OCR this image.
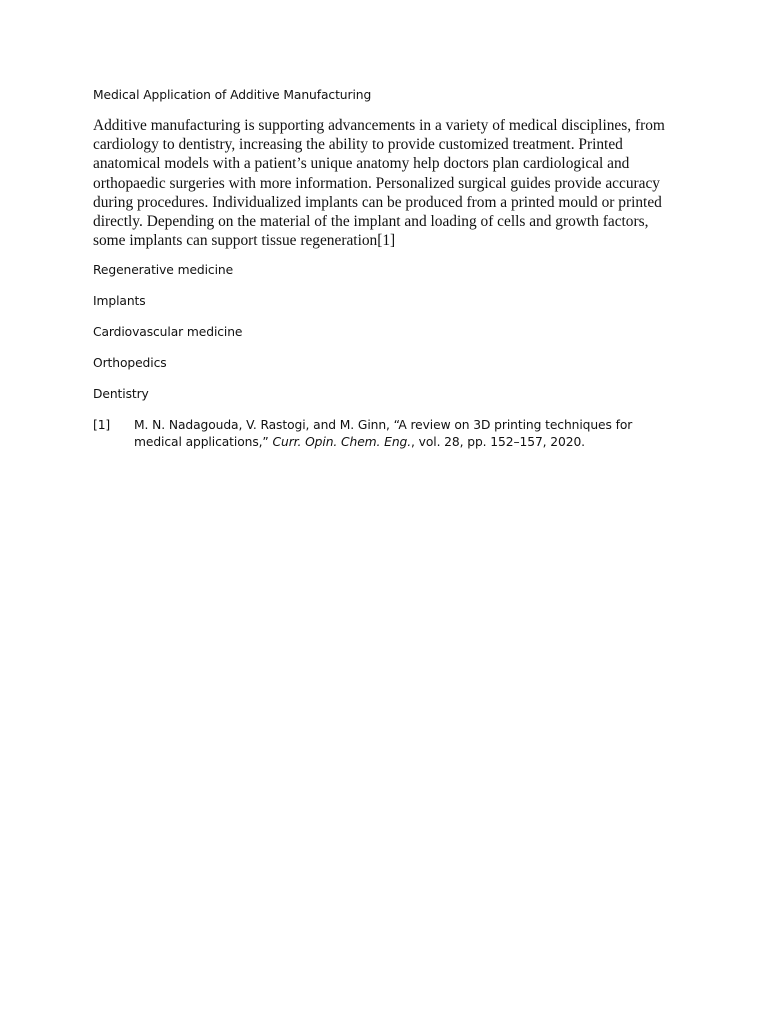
Medical Application of Additive Manufacturing

Additive manufacturing is supporting advancements in a variety of medical disciplines, from cardiology to dentistry, increasing the ability to provide customized treatment. Printed anatomical models with a patient’s unique anatomy help doctors plan cardiological and orthopaedic surgeries with more information. Personalized surgical guides provide accuracy during procedures. Individualized implants can be produced from a printed mould or printed directly. Depending on the material of the implant and loading of cells and growth factors, some implants can support tissue regeneration[1]

Regenerative medicine
Implants
Cardiovascular medicine
Orthopedics
Dentistry
[1]	M. N. Nadagouda, V. Rastogi, and M. Ginn, “A review on 3D printing techniques for medical applications,” Curr. Opin. Chem. Eng., vol. 28, pp. 152–157, 2020.
